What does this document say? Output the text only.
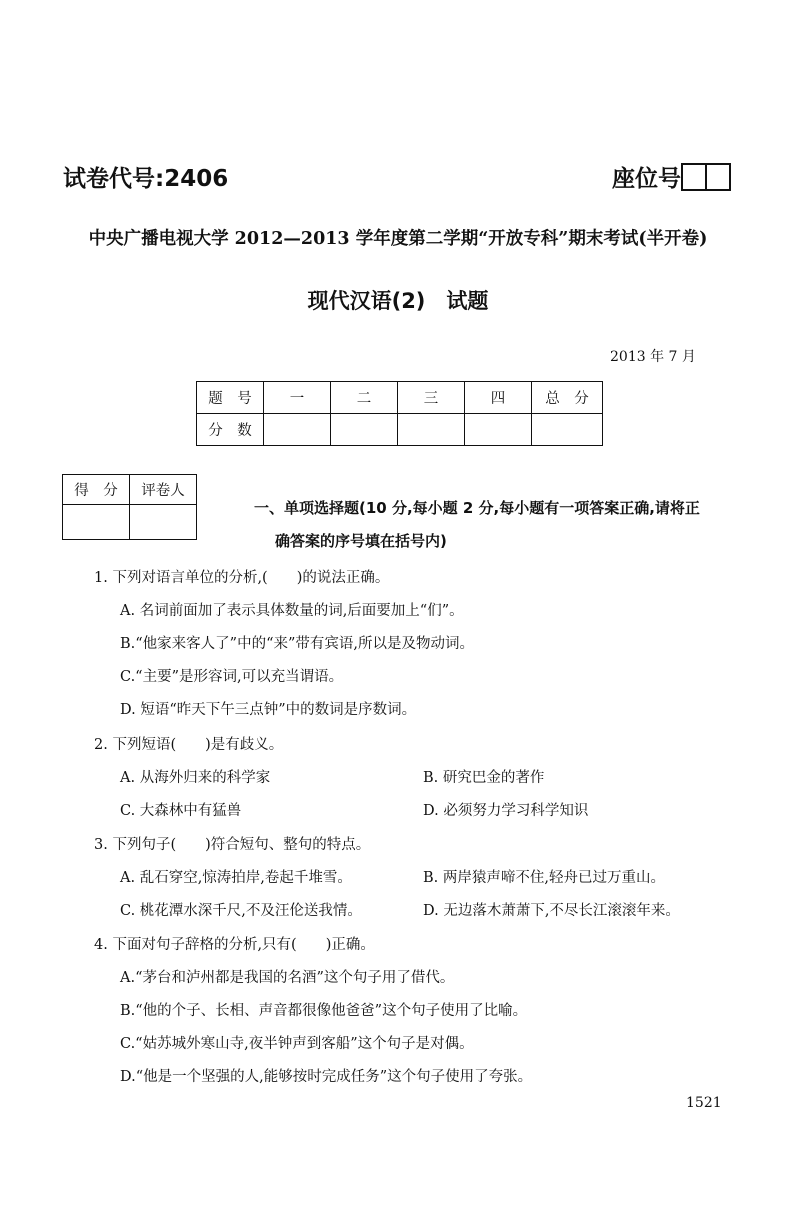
试卷代号:2406	座位号
中央广播电视大学 2012—2013 学年度第二学期“开放专科”期末考试(半开卷)
现代汉语(2)　试题
2013 年 7 月
题　号	一	二	三	四	总　分
分　数					
得　分	评卷人

一、单项选择题(10 分,每小题 2 分,每小题有一项答案正确,请将正
确答案的序号填在括号内)
1. 下列对语言单位的分析,(　　)的说法正确。
A. 名词前面加了表示具体数量的词,后面要加上“们”。
B.“他家来客人了”中的“来”带有宾语,所以是及物动词。
C.“主要”是形容词,可以充当谓语。
D. 短语“昨天下午三点钟”中的数词是序数词。
2. 下列短语(　　)是有歧义。
A. 从海外归来的科学家	B. 研究巴金的著作
C. 大森林中有猛兽	D. 必须努力学习科学知识
3. 下列句子(　　)符合短句、整句的特点。
A. 乱石穿空,惊涛拍岸,卷起千堆雪。	B. 两岸猿声啼不住,轻舟已过万重山。
C. 桃花潭水深千尺,不及汪伦送我情。	D. 无边落木萧萧下,不尽长江滚滚年来。
4. 下面对句子辞格的分析,只有(　　)正确。
A.“茅台和泸州都是我国的名酒”这个句子用了借代。
B.“他的个子、长相、声音都很像他爸爸”这个句子使用了比喻。
C.“姑苏城外寒山寺,夜半钟声到客船”这个句子是对偶。
D.“他是一个坚强的人,能够按时完成任务”这个句子使用了夸张。
1521
